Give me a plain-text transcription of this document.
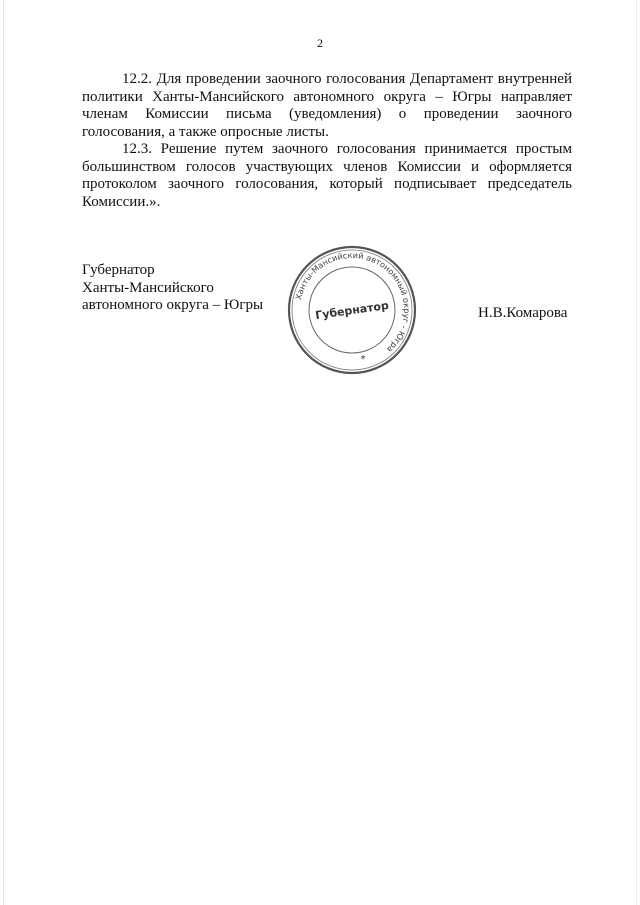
2

12.2. Для проведении заочного голосования Департамент внутренней политики Ханты-Мансийского автономного округа – Югры направляет членам Комиссии письма (уведомления) о проведении заочного голосования, а также опросные листы.

12.3. Решение путем заочного голосования принимается простым большинством голосов участвующих членов Комиссии и оформляется протоколом заочного голосования, который подписывает председатель Комиссии.».

Губернатор
Ханты-Мансийского
автономного округа – Югры
Ханты-Мансийский автономный округ - Югра
Губернатор
*
Н.В.Комарова
